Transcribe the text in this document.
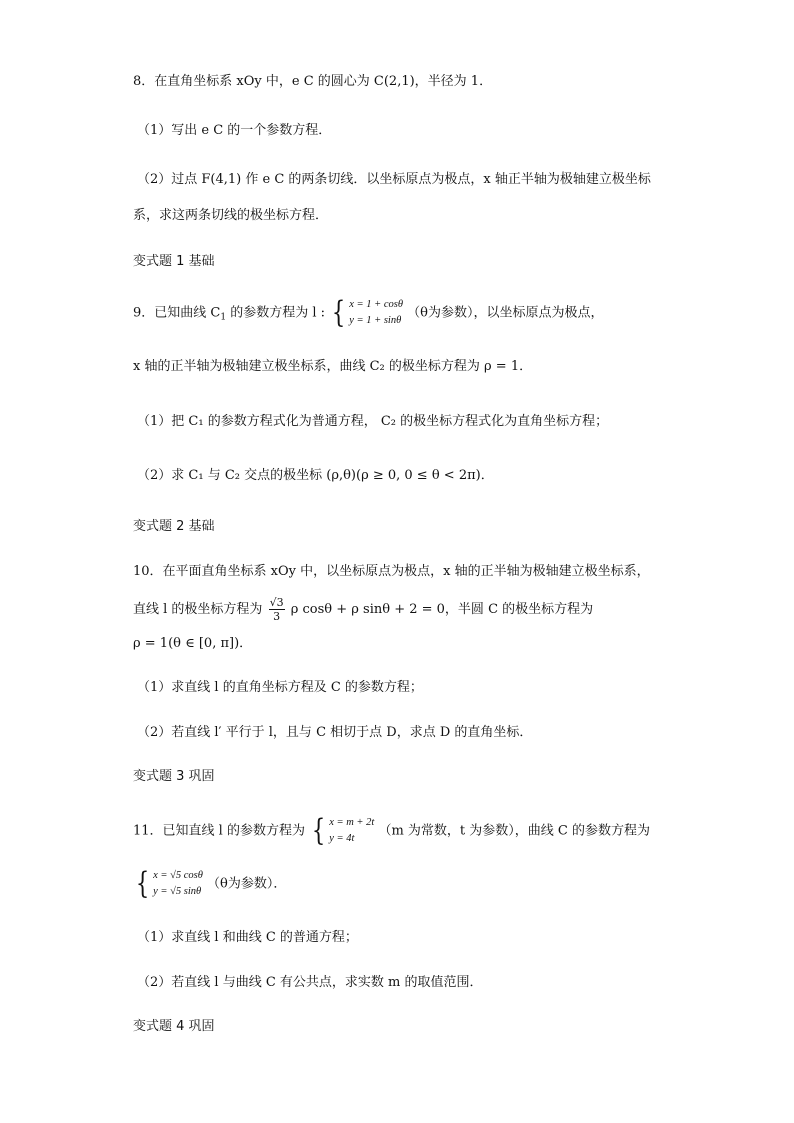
8．在直角坐标系 xOy 中，e C 的圆心为 C(2,1)，半径为 1．
（1）写出 e C 的一个参数方程．
（2）过点 F(4,1) 作 e C 的两条切线．以坐标原点为极点，x 轴正半轴为极轴建立极坐标
系，求这两条切线的极坐标方程．
变式题 1 基础
9．已知曲线 $C_1$ 的参数方程为 l : { x = 1 + cosθ
y = 1 + sinθ （θ为参数），以坐标原点为极点，
x 轴的正半轴为极轴建立极坐标系，曲线 C₂ 的极坐标方程为 ρ = 1．
（1）把 C₁ 的参数方程式化为普通方程， C₂ 的极坐标方程式化为直角坐标方程；
（2）求 C₁ 与 C₂ 交点的极坐标 (ρ,θ)(ρ ≥ 0, 0 ≤ θ < 2π)．
变式题 2 基础
10．在平面直角坐标系 xOy 中，以坐标原点为极点，x 轴的正半轴为极轴建立极坐标系，
直线 l 的极坐标方程为 $\frac{√3}{3}$ ρ cosθ + ρ sinθ + 2 = 0，半圆 C 的极坐标方程为
ρ = 1(θ ∈ [0, π])．
（1）求直线 l 的直角坐标方程及 C 的参数方程；
（2）若直线 l′ 平行于 l，且与 C 相切于点 D，求点 D 的直角坐标．
变式题 3 巩固
11．已知直线 l 的参数方程为 { x = m + 2t
y = 4t	（m 为常数，t 为参数），曲线 C 的参数方程为
{ x = √5 cosθ
y = √5 sinθ （θ为参数）．
（1）求直线 l 和曲线 C 的普通方程；
（2）若直线 l 与曲线 C 有公共点，求实数 m 的取值范围．
变式题 4 巩固
